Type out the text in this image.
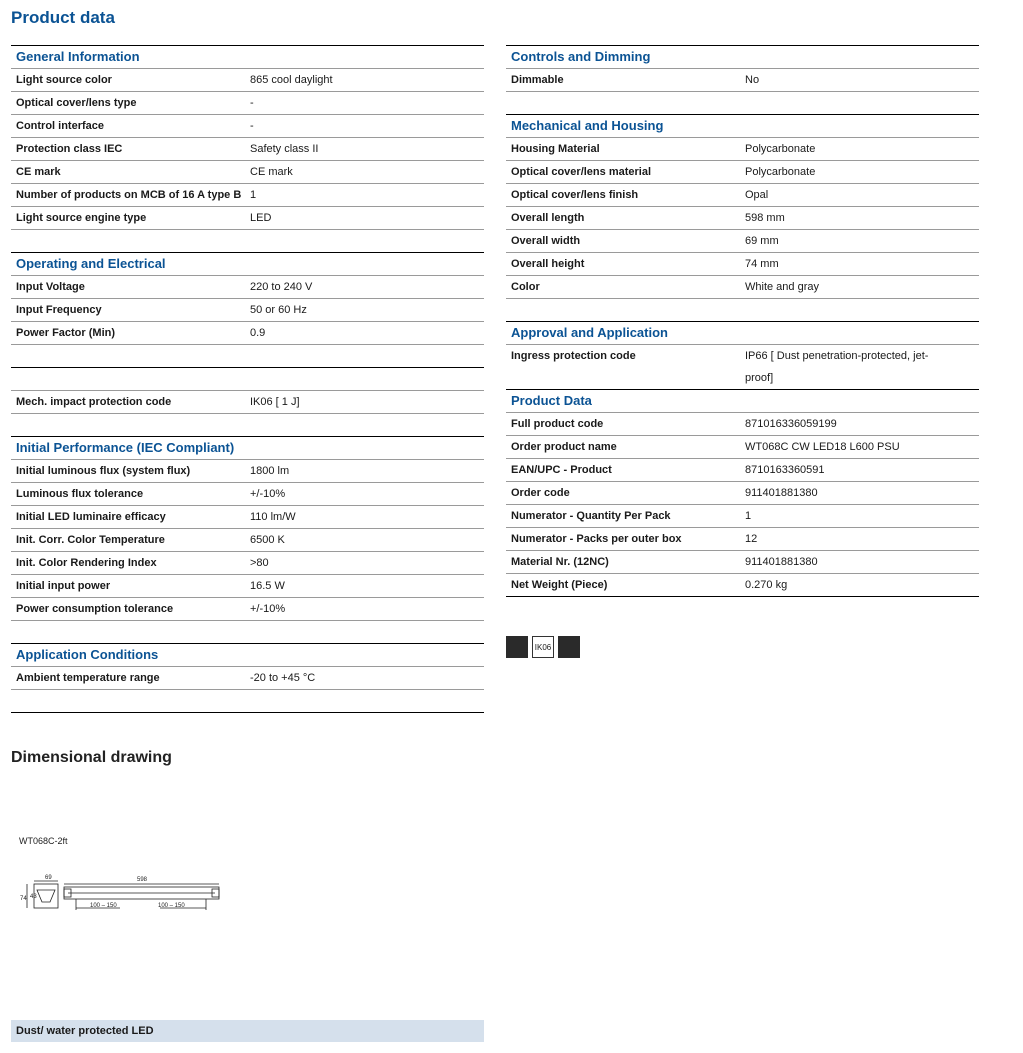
Product data
General Information
Light source color	865 cool daylight
Optical cover/lens type	-
Control interface	-
Protection class IEC	Safety class II
CE mark	CE mark
Number of products on MCB of 16 A type B 1
Light source engine type	LED
Operating and Electrical
Input Voltage	220 to 240 V
Input Frequency	50 or 60 Hz
Power Factor (Min)	0.9
Mech. impact protection code	IK06 [ 1 J]
Initial Performance (IEC Compliant)
Initial luminous flux (system flux)	1800 lm
Luminous flux tolerance	+/-10%
Initial LED luminaire efficacy	110 lm/W
Init. Corr. Color Temperature	6500 K
Init. Color Rendering Index	>80
Initial input power	16.5 W
Power consumption tolerance	+/-10%
Application Conditions
Ambient temperature range	-20 to +45 °C
Controls and Dimming
Dimmable	No
Mechanical and Housing
Housing Material	Polycarbonate
Optical cover/lens material	Polycarbonate
Optical cover/lens finish	Opal
Overall length	598 mm
Overall width	69 mm
Overall height	74 mm
Color	White and gray
Approval and Application
Ingress protection code	IP66 [ Dust penetration-protected, jet-proof]
Product Data
Full product code	871016336059199
Order product name	WT068C CW LED18 L600 PSU
EAN/UPC - Product	8710163360591
Order code	911401881380
Numerator - Quantity Per Pack	1
Numerator - Packs per outer box	12
Material Nr. (12NC)	911401881380
Net Weight (Piece)	0.270 kg
IK06
Dimensional drawing
WT068C-2ft
69	598
74 43
100 – 150	100 – 150
Dust/ water protected LED
